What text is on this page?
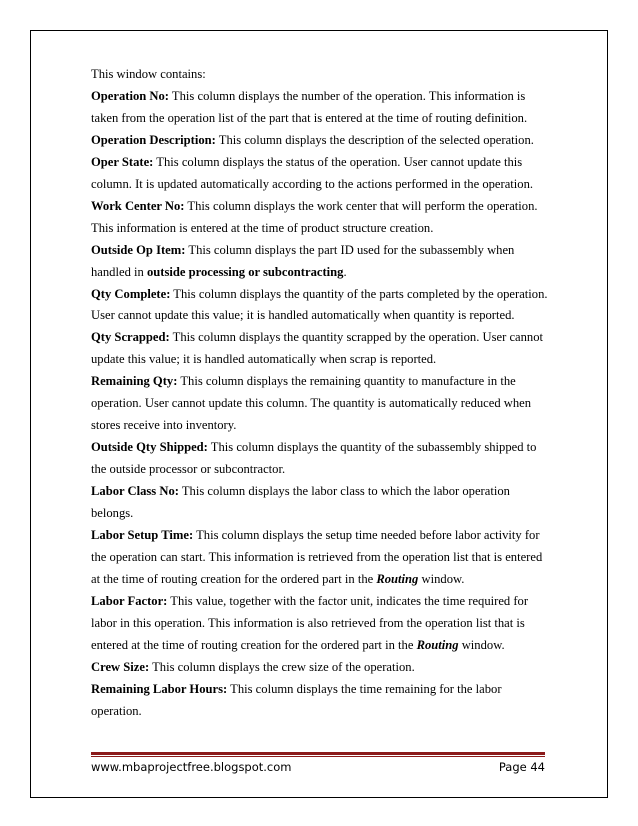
This window contains:

Operation No: This column displays the number of the operation. This information is taken from the operation list of the part that is entered at the time of routing definition.

Operation Description: This column displays the description of the selected operation.

Oper State: This column displays the status of the operation. User cannot update this column. It is updated automatically according to the actions performed in the operation.

Work Center No: This column displays the work center that will perform the operation. This information is entered at the time of product structure creation.

Outside Op Item: This column displays the part ID used for the subassembly when handled in outside processing or subcontracting.

Qty Complete: This column displays the quantity of the parts completed by the operation. User cannot update this value; it is handled automatically when quantity is reported.

Qty Scrapped: This column displays the quantity scrapped by the operation. User cannot update this value; it is handled automatically when scrap is reported.

Remaining Qty: This column displays the remaining quantity to manufacture in the operation. User cannot update this column. The quantity is automatically reduced when stores receive into inventory.

Outside Qty Shipped: This column displays the quantity of the subassembly shipped to the outside processor or subcontractor.

Labor Class No: This column displays the labor class to which the labor operation belongs.

Labor Setup Time: This column displays the setup time needed before labor activity for the operation can start. This information is retrieved from the operation list that is entered at the time of routing creation for the ordered part in the Routing window.

Labor Factor: This value, together with the factor unit, indicates the time required for labor in this operation. This information is also retrieved from the operation list that is entered at the time of routing creation for the ordered part in the Routing window.

Crew Size: This column displays the crew size of the operation.

Remaining Labor Hours: This column displays the time remaining for the labor operation.

www.mbaprojectfree.blogspot.com	Page 44
